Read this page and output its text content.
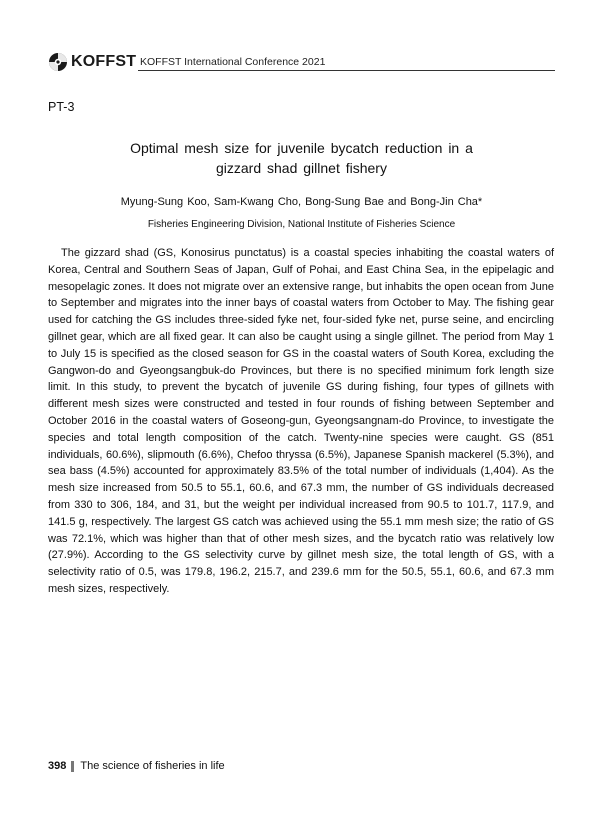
KOFFST KOFFST International Conference 2021
PT-3
Optimal mesh size for juvenile bycatch reduction in a
gizzard shad gillnet fishery
Myung-Sung Koo, Sam-Kwang Cho, Bong-Sung Bae and Bong-Jin Cha*
Fisheries Engineering Division, National Institute of Fisheries Science

The gizzard shad (GS, Konosirus punctatus) is a coastal species inhabiting the coastal waters of Korea, Central and Southern Seas of Japan, Gulf of Pohai, and East China Sea, in the epipelagic and mesopelagic zones. It does not migrate over an extensive range, but inhabits the open ocean from June to September and migrates into the inner bays of coastal waters from October to May. The fishing gear used for catching the GS includes three-sided fyke net, four-sided fyke net, purse seine, and encircling gillnet gear, which are all fixed gear. It can also be caught using a single gillnet. The period from May 1 to July 15 is specified as the closed season for GS in the coastal waters of South Korea, excluding the Gangwon-do and Gyeongsangbuk-do Provinces, but there is no specified minimum fork length size limit. In this study, to prevent the bycatch of juvenile GS during fishing, four types of gillnets with different mesh sizes were constructed and tested in four rounds of fishing between September and October 2016 in the coastal waters of Goseong-gun, Gyeongsangnam-do Province, to investigate the species and total length composition of the catch. Twenty-nine species were caught. GS (851 individuals, 60.6%), slipmouth (6.6%), Chefoo thryssa (6.5%), Japanese Spanish mackerel (5.3%), and sea bass (4.5%) accounted for approximately 83.5% of the total number of individuals (1,404). As the mesh size increased from 50.5 to 55.1, 60.6, and 67.3 mm, the number of GS individuals decreased from 330 to 306, 184, and 31, but the weight per individual increased from 90.5 to 101.7, 117.9, and 141.5 g, respectively. The largest GS catch was achieved using the 55.1 mm mesh size; the ratio of GS was 72.1%, which was higher than that of other mesh sizes, and the bycatch ratio was relatively low (27.9%). According to the GS selectivity curve by gillnet mesh size, the total length of GS, with a selectivity ratio of 0.5, was 179.8, 196.2, 215.7, and 239.6 mm for the 50.5, 55.1, 60.6, and 67.3 mm mesh sizes, respectively.

398 The science of fisheries in life
